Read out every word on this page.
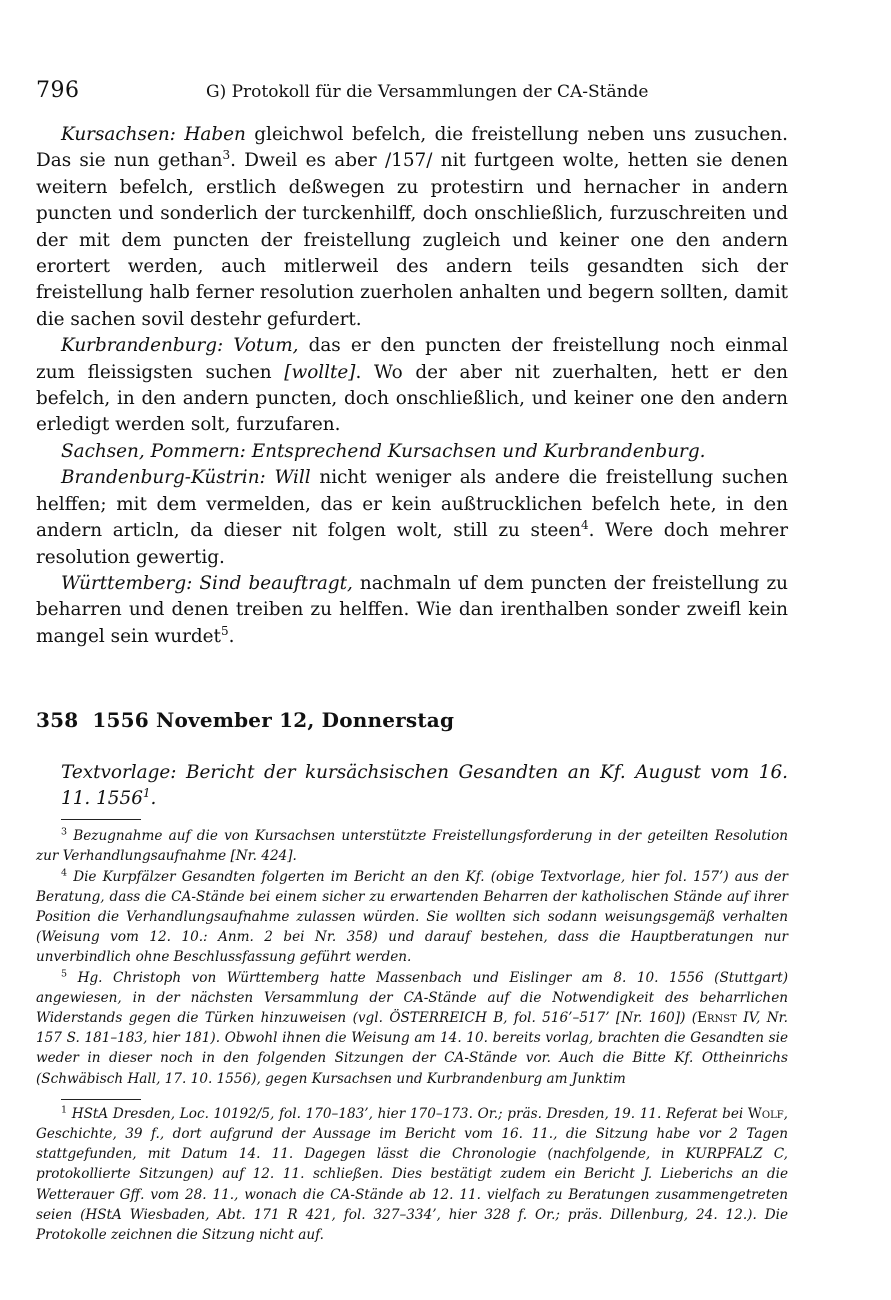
796	G) Protokoll für die Versammlungen der CA-Stände

Kursachsen: Haben gleichwol befelch, die freistellung neben uns zusuchen. Das sie nun gethan$^3$. Dweil es aber /157/ nit furtgeen wolte, hetten sie denen weitern befelch, erstlich deßwegen zu protestirn und hernacher in andern puncten und sonderlich der turckenhilff, doch onschließlich, furzuschreiten und der mit dem puncten der freistellung zugleich und keiner one den andern erortert werden, auch mitlerweil des andern teils gesandten sich der freistellung halb ferner resolution zuerholen anhalten und begern sollten, damit die sachen sovil destehr gefurdert.

Kurbrandenburg: Votum, das er den puncten der freistellung noch einmal zum fleissigsten suchen [wollte]. Wo der aber nit zuerhalten, hett er den befelch, in den andern puncten, doch onschließlich, und keiner one den andern erledigt werden solt, furzufaren.

Sachsen, Pommern: Entsprechend Kursachsen und Kurbrandenburg.

Brandenburg-Küstrin: Will nicht weniger als andere die freistellung suchen helffen; mit dem vermelden, das er kein außtrucklichen befelch hete, in den andern articln, da dieser nit folgen wolt, still zu steen$^4$. Were doch mehrer resolution gewertig.

Württemberg: Sind beauftragt, nachmaln uf dem puncten der freistellung zu beharren und denen treiben zu helffen. Wie dan irenthalben sonder zweifl kein mangel sein wurdet$^5$.

358 1556 November 12, Donnerstag
Textvorlage: Bericht der kursächsischen Gesandten an Kf. August vom 16. 11. 1556$^1$.

$^3$ Bezugnahme auf die von Kursachsen unterstützte Freistellungsforderung in der geteilten Resolution zur Verhandlungsaufnahme [Nr. 424].

$^4$ Die Kurpfälzer Gesandten folgerten im Bericht an den Kf. (obige Textvorlage, hier fol. 157’) aus der Beratung, dass die CA-Stände bei einem sicher zu erwartenden Beharren der katholischen Stände auf ihrer Position die Verhandlungsaufnahme zulassen würden. Sie wollten sich sodann weisungsgemäß verhalten (Weisung vom 12. 10.: Anm. 2 bei Nr. 358) und darauf bestehen, dass die Hauptberatungen nur unverbindlich ohne Beschlussfassung geführt werden.

$^5$ Hg. Christoph von Württemberg hatte Massenbach und Eislinger am 8. 10. 1556 (Stuttgart) angewiesen, in der nächsten Versammlung der CA-Stände auf die Notwendigkeit des beharrlichen Widerstands gegen die Türken hinzuweisen (vgl. ÖSTERREICH B, fol. 516’–517’ [Nr. 160]) (Ernst IV, Nr. 157 S. 181–183, hier 181). Obwohl ihnen die Weisung am 14. 10. bereits vorlag, brachten die Gesandten sie weder in dieser noch in den folgenden Sitzungen der CA-Stände vor. Auch die Bitte Kf. Ottheinrichs (Schwäbisch Hall, 17. 10. 1556), gegen Kursachsen und Kurbrandenburg am Junktim

$^1$ HStA Dresden, Loc. 10192/5, fol. 170–183’, hier 170–173. Or.; präs. Dresden, 19. 11. Referat bei Wolf, Geschichte, 39 f., dort aufgrund der Aussage im Bericht vom 16. 11., die Sitzung habe vor 2 Tagen stattgefunden, mit Datum 14. 11. Dagegen lässt die Chronologie (nachfolgende, in KURPFALZ C, protokollierte Sitzungen) auf 12. 11. schließen. Dies bestätigt zudem ein Bericht J. Lieberichs an die Wetterauer Gff. vom 28. 11., wonach die CA-Stände ab 12. 11. vielfach zu Beratungen zusammengetreten seien (HStA Wiesbaden, Abt. 171 R 421, fol. 327–334’, hier 328 f. Or.; präs. Dillenburg, 24. 12.). Die Protokolle zeichnen die Sitzung nicht auf.
